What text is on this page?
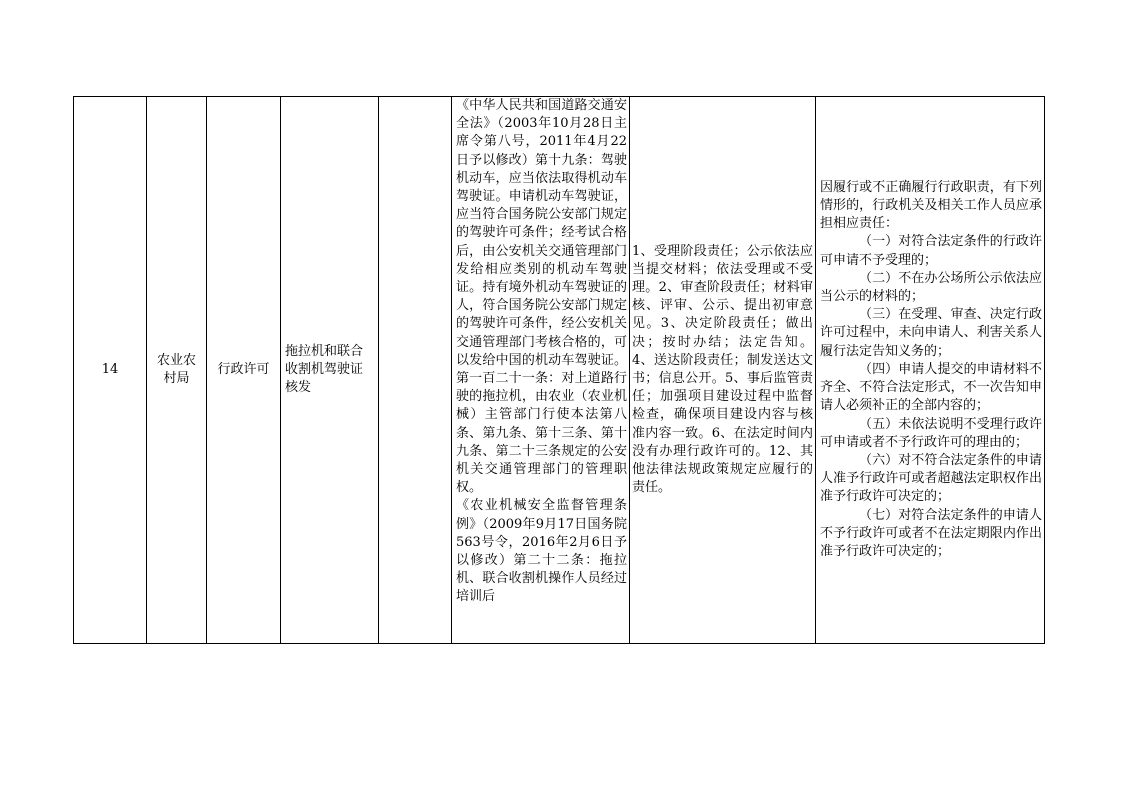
14
农业农村局
行政许可
拖拉机和联合收割机驾驶证核发

《中华人民共和国道路交通安全法》（2003年10月28日主席令第八号，2011年4月22日予以修改）第十九条：驾驶机动车，应当依法取得机动车驾驶证。申请机动车驾驶证，应当符合国务院公安部门规定的驾驶许可条件；经考试合格后，由公安机关交通管理部门发给相应类别的机动车驾驶证。持有境外机动车驾驶证的人，符合国务院公安部门规定的驾驶许可条件，经公安机关交通管理部门考核合格的，可以发给中国的机动车驾驶证。第一百二十一条：对上道路行驶的拖拉机，由农业（农业机械）主管部门行使本法第八条、第九条、第十三条、第十九条、第二十三条规定的公安机关交通管理部门的管理职权。

《农业机械安全监督管理条例》（2009年9月17日国务院563号令，2016年2月6日予以修改）第二十二条：拖拉机、联合收割机操作人员经过培训后

1、受理阶段责任；公示依法应当提交材料；依法受理或不受理。2、审查阶段责任；材料审核、评审、公示、提出初审意见。3、决定阶段责任；做出决；按时办结；法定告知。 4、送达阶段责任；制发送达文书；信息公开。5、事后监管责任；加强项目建设过程中监督检查，确保项目建设内容与核准内容一致。6、在法定时间内没有办理行政许可的。12、其他法律法规政策规定应履行的责任。

因履行或不正确履行行政职责，有下列情形的，行政机关及相关工作人员应承担相应责任：

（一）对符合法定条件的行政许可申请不予受理的；

（二）不在办公场所公示依法应当公示的材料的；

（三）在受理、审查、决定行政许可过程中，未向申请人、利害关系人履行法定告知义务的；

（四）申请人提交的申请材料不齐全、不符合法定形式，不一次告知申请人必须补正的全部内容的；

（五）未依法说明不受理行政许可申请或者不予行政许可的理由的；

（六）对不符合法定条件的申请人准予行政许可或者超越法定职权作出准予行政许可决定的；

（七）对符合法定条件的申请人不予行政许可或者不在法定期限内作出准予行政许可决定的；
